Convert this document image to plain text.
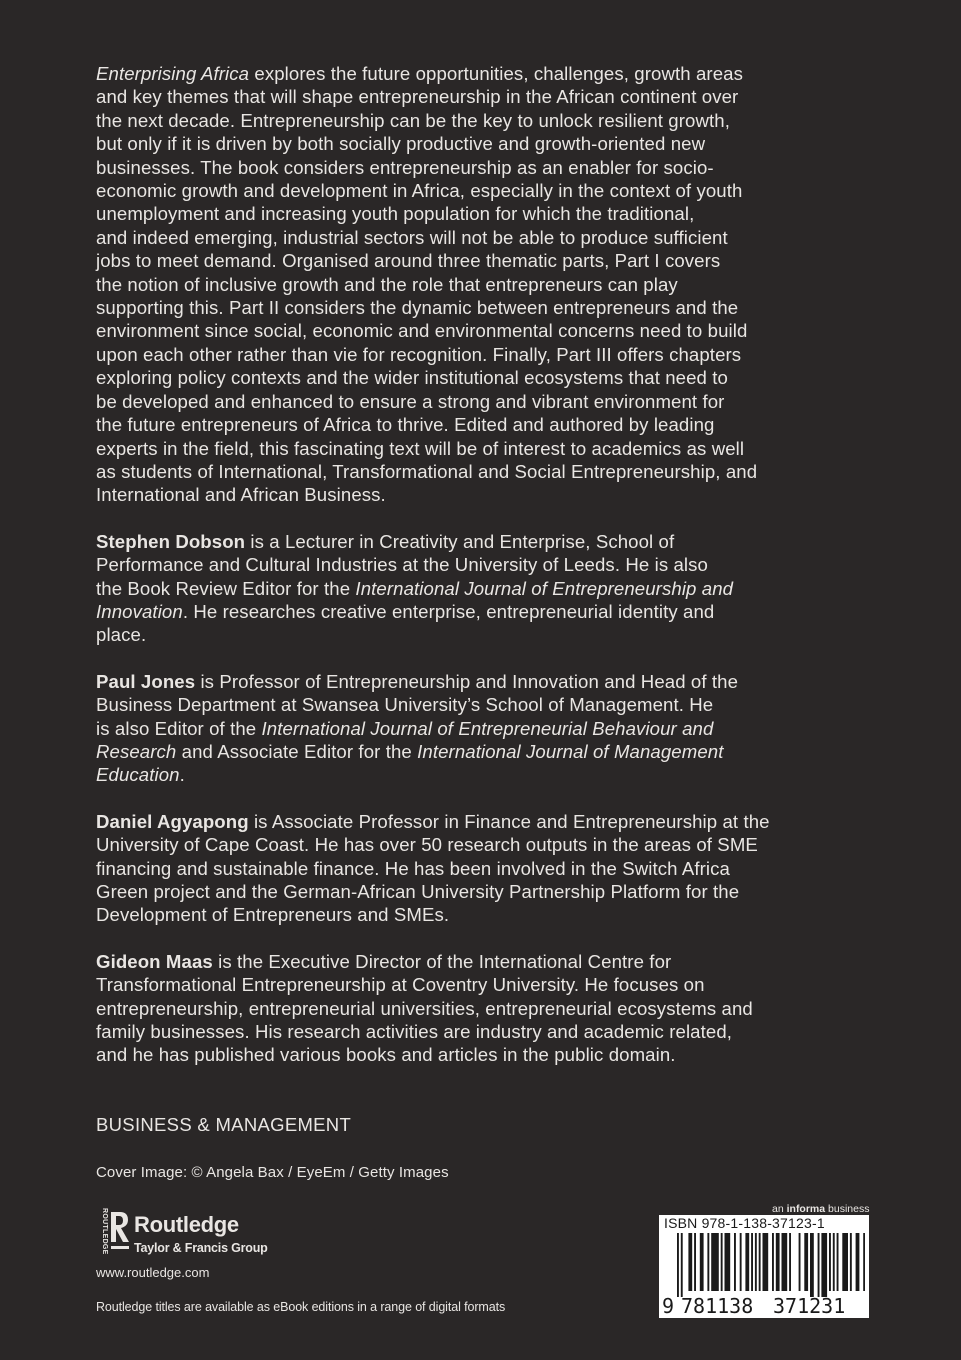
Enterprising Africa explores the future opportunities, challenges, growth areas
and key themes that will shape entrepreneurship in the African continent over
the next decade. Entrepreneurship can be the key to unlock resilient growth,
but only if it is driven by both socially productive and growth-oriented new
businesses. The book considers entrepreneurship as an enabler for socio-
economic growth and development in Africa, especially in the context of youth
unemployment and increasing youth population for which the traditional,
and indeed emerging, industrial sectors will not be able to produce sufficient
jobs to meet demand. Organised around three thematic parts, Part I covers
the notion of inclusive growth and the role that entrepreneurs can play
supporting this. Part II considers the dynamic between entrepreneurs and the
environment since social, economic and environmental concerns need to build
upon each other rather than vie for recognition. Finally, Part III offers chapters
exploring policy contexts and the wider institutional ecosystems that need to
be developed and enhanced to ensure a strong and vibrant environment for
the future entrepreneurs of Africa to thrive. Edited and authored by leading
experts in the field, this fascinating text will be of interest to academics as well
as students of International, Transformational and Social Entrepreneurship, and
International and African Business.

Stephen Dobson is a Lecturer in Creativity and Enterprise, School of
Performance and Cultural Industries at the University of Leeds. He is also
the Book Review Editor for the International Journal of Entrepreneurship and
Innovation. He researches creative enterprise, entrepreneurial identity and
place.

Paul Jones is Professor of Entrepreneurship and Innovation and Head of the
Business Department at Swansea University’s School of Management. He
is also Editor of the International Journal of Entrepreneurial Behaviour and
Research and Associate Editor for the International Journal of Management
Education.

Daniel Agyapong is Associate Professor in Finance and Entrepreneurship at the
University of Cape Coast. He has over 50 research outputs in the areas of SME
financing and sustainable finance. He has been involved in the Switch Africa
Green project and the German-African University Partnership Platform for the
Development of Entrepreneurs and SMEs.

Gideon Maas is the Executive Director of the International Centre for
Transformational Entrepreneurship at Coventry University. He focuses on
entrepreneurship, entrepreneurial universities, entrepreneurial ecosystems and
family businesses. His research activities are industry and academic related,
and he has published various books and articles in the public domain.

BUSINESS & MANAGEMENT
Cover Image: © Angela Bax / EyeEm / Getty Images
ROUTLEDGE Routledge
Taylor & Francis Group
www.routledge.com
Routledge titles are available as eBook editions in a range of digital formats
an informa business
ISBN 978-1-138-37123-1
9 781138 371231
